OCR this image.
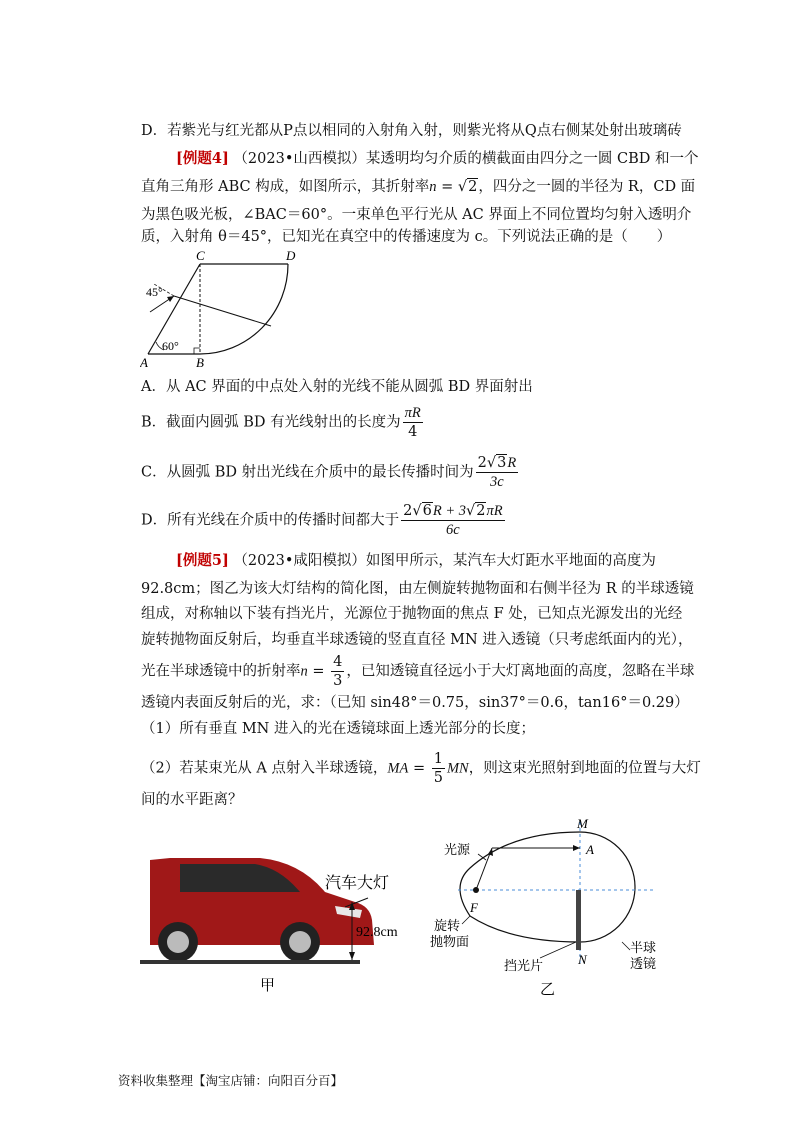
D．若紫光与红光都从P点以相同的入射角入射，则紫光将从Q点右侧某处射出玻璃砖
[例题4] （2023•山西模拟）某透明均匀介质的横截面由四分之一圆 CBD 和一个
直角三角形 ABC 构成，如图所示，其折射率n = √2，四分之一圆的半径为 R，CD 面
为黑色吸光板，∠BAC＝60°。一束单色平行光从 AC 界面上不同位置均匀射入透明介
质，入射角 θ＝45°，已知光在真空中的传播速度为 c。下列说法正确的是（　　）
C	D
A	B
45°
60°
A．从 AC 界面的中点处入射的光线不能从圆弧 BD 界面射出
B．截面内圆弧 BD 有光线射出的长度为 $\frac{\pi R}{4}$
C．从圆弧 BD 射出光线在介质中的最长传播时间为 $\frac{2√3R}{3c}$
D．所有光线在介质中的传播时间都大于 $\frac{2√6R + 3√2\pi R}{6c}$
[例题5] （2023•咸阳模拟）如图甲所示，某汽车大灯距水平地面的高度为
92.8cm；图乙为该大灯结构的简化图，由左侧旋转抛物面和右侧半径为 R 的半球透镜
组成，对称轴以下装有挡光片，光源位于抛物面的焦点 F 处，已知点光源发出的光经
旋转抛物面反射后，均垂直半球透镜的竖直直径 MN 进入透镜（只考虑纸面内的光），
光在半球透镜中的折射率$n = \frac{4}{3}$ ，已知透镜直径远小于大灯离地面的高度，忽略在半球
透镜内表面反射后的光，求：（已知 sin48°＝0.75，sin37°＝0.6，tan16°＝0.29）
（1）所有垂直 MN 进入的光在透镜球面上透光部分的长度；
（2）若某束光从 A 点射入半球透镜，MA = $\frac{1}{5}$ MN，则这束光照射到地面的位置与大灯
间的水平距离？
汽车大灯
92.8cm
甲
M
A
F
N
光源
旋转
抛物面
挡光片
半球
透镜
乙
资料收集整理【淘宝店铺：向阳百分百】
